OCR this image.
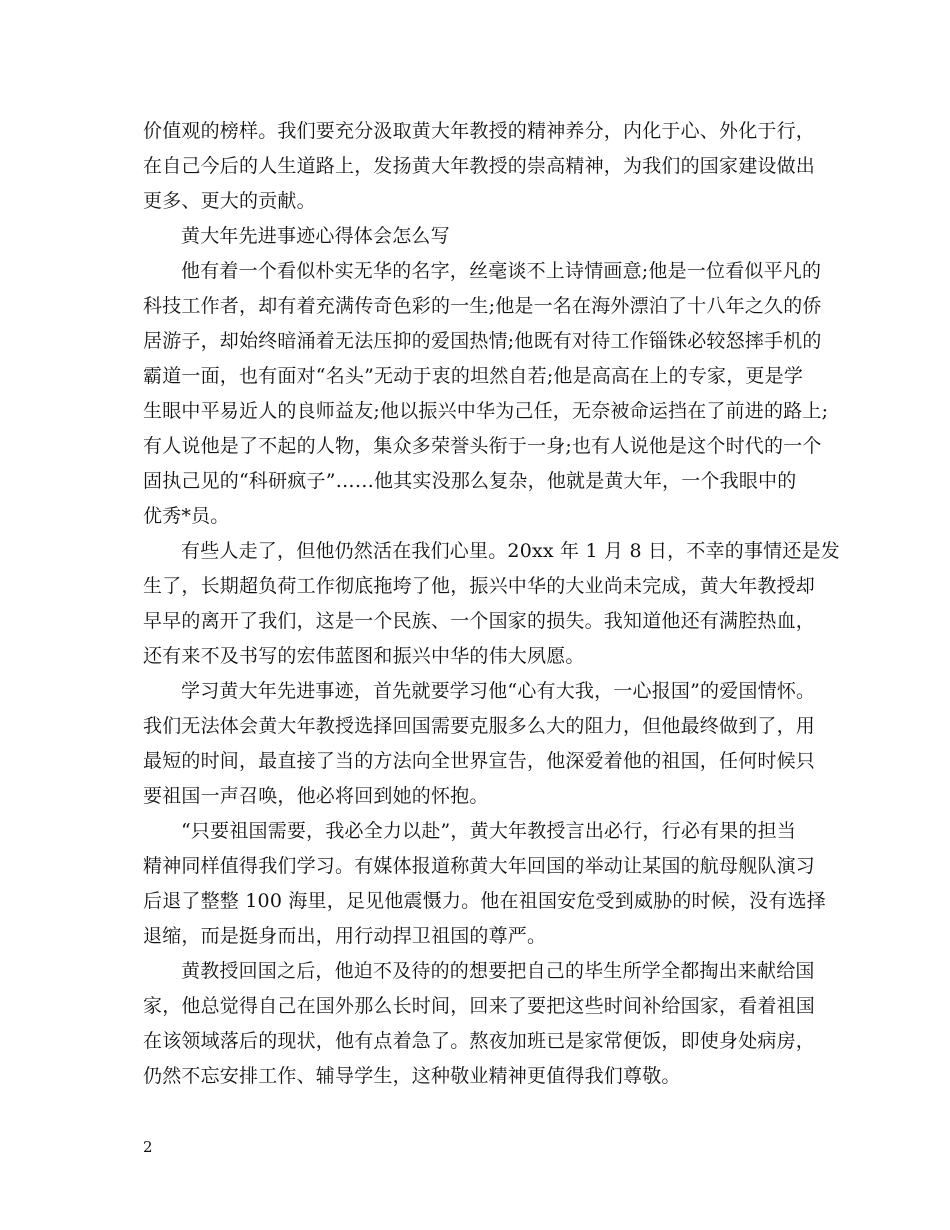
价值观的榜样。我们要充分汲取黄大年教授的精神养分，内化于心、外化于行，
在自己今后的人生道路上，发扬黄大年教授的崇高精神，为我们的国家建设做出
更多、更大的贡献。
黄大年先进事迹心得体会怎么写
他有着一个看似朴实无华的名字，丝毫谈不上诗情画意;他是一位看似平凡的
科技工作者，却有着充满传奇色彩的一生;他是一名在海外漂泊了十八年之久的侨
居游子，却始终暗涌着无法压抑的爱国热情;他既有对待工作锱铢必较怒摔手机的
霸道一面，也有面对“名头”无动于衷的坦然自若;他是高高在上的专家，更是学
生眼中平易近人的良师益友;他以振兴中华为己任，无奈被命运挡在了前进的路上;
有人说他是了不起的人物，集众多荣誉头衔于一身;也有人说他是这个时代的一个
固执己见的“科研疯子”……他其实没那么复杂，他就是黄大年，一个我眼中的
优秀*员。
有些人走了，但他仍然活在我们心里。20xx 年 1 月 8 日，不幸的事情还是发
生了，长期超负荷工作彻底拖垮了他，振兴中华的大业尚未完成，黄大年教授却
早早的离开了我们，这是一个民族、一个国家的损失。我知道他还有满腔热血，
还有来不及书写的宏伟蓝图和振兴中华的伟大夙愿。
学习黄大年先进事迹，首先就要学习他“心有大我，一心报国”的爱国情怀。
我们无法体会黄大年教授选择回国需要克服多么大的阻力，但他最终做到了，用
最短的时间，最直接了当的方法向全世界宣告，他深爱着他的祖国，任何时候只
要祖国一声召唤，他必将回到她的怀抱。
“只要祖国需要，我必全力以赴”，黄大年教授言出必行，行必有果的担当
精神同样值得我们学习。有媒体报道称黄大年回国的举动让某国的航母舰队演习
后退了整整 100 海里，足见他震慑力。他在祖国安危受到威胁的时候，没有选择
退缩，而是挺身而出，用行动捍卫祖国的尊严。
黄教授回国之后，他迫不及待的的想要把自己的毕生所学全都掏出来献给国
家，他总觉得自己在国外那么长时间，回来了要把这些时间补给国家，看着祖国
在该领域落后的现状，他有点着急了。熬夜加班已是家常便饭，即使身处病房，
仍然不忘安排工作、辅导学生，这种敬业精神更值得我们尊敬。
2
